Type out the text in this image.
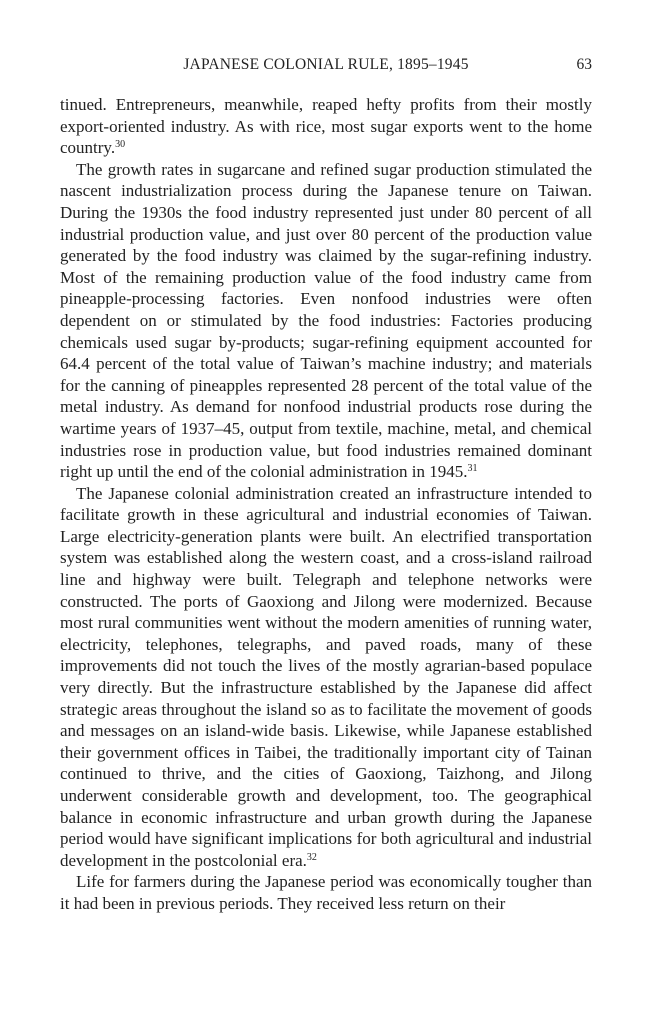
JAPANESE COLONIAL RULE, 1895–1945	63

tinued. Entrepreneurs, meanwhile, reaped hefty profits from their mostly export-oriented industry. As with rice, most sugar exports went to the home country.$^{30}$

The growth rates in sugarcane and refined sugar production stimulated the nascent industrialization process during the Japanese tenure on Taiwan. During the 1930s the food industry represented just under 80 percent of all industrial production value, and just over 80 percent of the production value generated by the food industry was claimed by the sugar-refining industry. Most of the remaining production value of the food industry came from pineapple-processing factories. Even nonfood industries were often dependent on or stimulated by the food industries: Factories producing chemicals used sugar by-products; sugar-refining equipment accounted for 64.4 percent of the total value of Taiwan’s machine industry; and materials for the canning of pineapples represented 28 percent of the total value of the metal industry. As demand for nonfood industrial products rose during the wartime years of 1937–45, output from textile, machine, metal, and chemical industries rose in production value, but food industries remained dominant right up until the end of the colonial administration in 1945.31

The Japanese colonial administration created an infrastructure intended to facilitate growth in these agricultural and industrial economies of Taiwan. Large electricity-generation plants were built. An electrified transportation system was established along the western coast, and a cross-island railroad line and highway were built. Telegraph and telephone networks were constructed. The ports of Gaoxiong and Jilong were modernized. Because most rural communities went without the modern amenities of running water, electricity, telephones, telegraphs, and paved roads, many of these improvements did not touch the lives of the mostly agrarian-based populace very directly. But the infrastructure established by the Japanese did affect strategic areas throughout the island so as to facilitate the movement of goods and messages on an island-wide basis. Likewise, while Japanese established their government offices in Taibei, the traditionally important city of Tainan continued to thrive, and the cities of Gaoxiong, Taizhong, and Jilong underwent considerable growth and development, too. The geographical balance in economic infrastructure and urban growth during the Japanese period would have significant implications for both agricultural and industrial development in the postcolonial era.$^{32}$

Life for farmers during the Japanese period was economically tougher than it had been in previous periods. They received less return on their
